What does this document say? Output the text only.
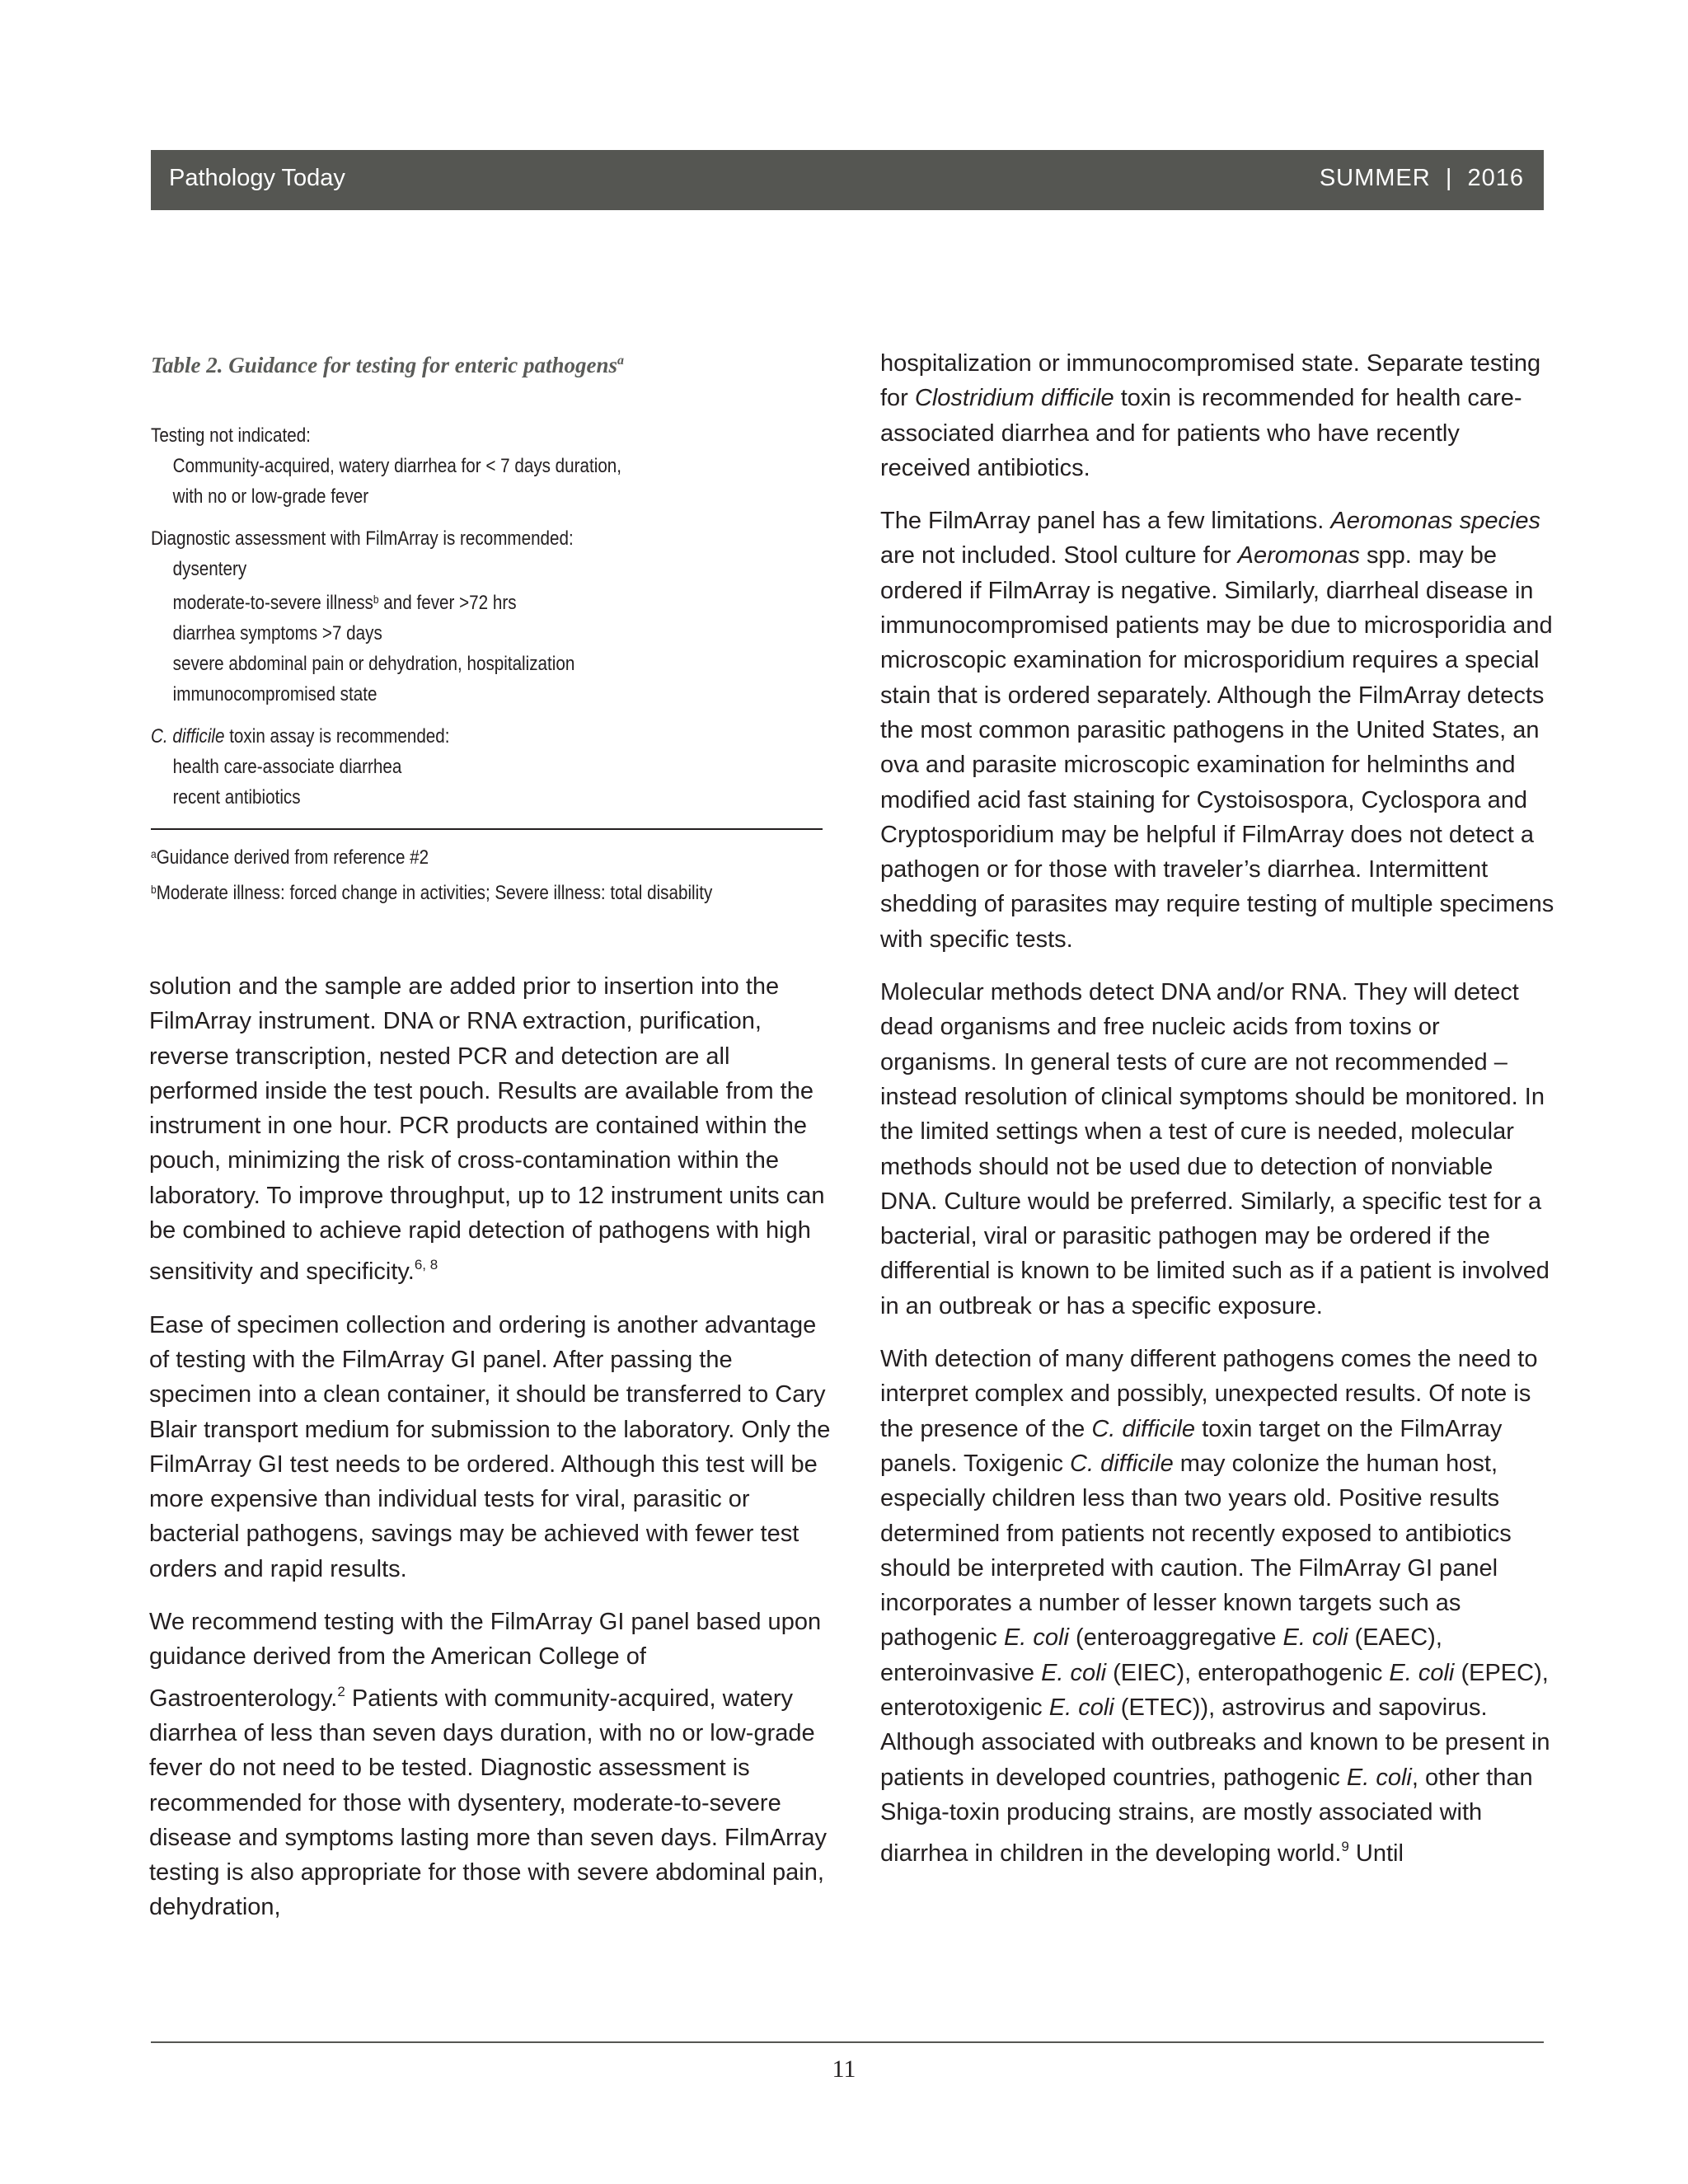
Pathology Today	SUMMER  |  2016
Table 2. Guidance for testing for enteric pathogens$^a$
Testing not indicated:
Community-acquired, watery diarrhea for < 7 days duration,
with no or low-grade fever
Diagnostic assessment with FilmArray is recommended:
dysentery
moderate-to-severe illness$^b$ and fever >72 hrs
diarrhea symptoms >7 days
severe abdominal pain or dehydration, hospitalization
immunocompromised state
C. difficile toxin assay is recommended:
health care-associate diarrhea
recent antibiotics
$^a$Guidance derived from reference #2
$^b$Moderate illness: forced change in activities; Severe illness: total disability

solution and the sample are added prior to insertion into the FilmArray instrument. DNA or RNA extraction, purification, reverse transcription, nested PCR and detection are all performed inside the test pouch. Results are available from the instrument in one hour. PCR products are contained within the pouch, minimizing the risk of cross-contamination within the laboratory. To improve throughput, up to 12 instrument units can be combined to achieve rapid detection of pathogens with high sensitivity and specificity.$^{6, 8}$

Ease of specimen collection and ordering is another advantage of testing with the FilmArray GI panel. After passing the specimen into a clean container, it should be transferred to Cary Blair transport medium for submission to the laboratory. Only the FilmArray GI test needs to be ordered. Although this test will be more expensive than individual tests for viral, parasitic or bacterial pathogens, savings may be achieved with fewer test orders and rapid results.

We recommend testing with the FilmArray GI panel based upon guidance derived from the American College of Gastroenterology.$^2$ Patients with community-acquired, watery diarrhea of less than seven days duration, with no or low-grade fever do not need to be tested. Diagnostic assessment is recommended for those with dysentery, moderate-to-severe disease and symptoms lasting more than seven days. FilmArray testing is also appropriate for those with severe abdominal pain, dehydration,

hospitalization or immunocompromised state. Separate testing for Clostridium difficile toxin is recommended for health care-associated diarrhea and for patients who have recently received antibiotics.

The FilmArray panel has a few limitations. Aeromonas species are not included. Stool culture for Aeromonas spp. may be ordered if FilmArray is negative. Similarly, diarrheal disease in immunocompromised patients may be due to microsporidia and microscopic examination for microsporidium requires a special stain that is ordered separately. Although the FilmArray detects the most common parasitic pathogens in the United States, an ova and parasite microscopic examination for helminths and modified acid fast staining for Cystoisospora, Cyclospora and Cryptosporidium may be helpful if FilmArray does not detect a pathogen or for those with traveler’s diarrhea. Intermittent shedding of parasites may require testing of multiple specimens with specific tests.

Molecular methods detect DNA and/or RNA. They will detect dead organisms and free nucleic acids from toxins or organisms. In general tests of cure are not recommended – instead resolution of clinical symptoms should be monitored. In the limited settings when a test of cure is needed, molecular methods should not be used due to detection of nonviable DNA. Culture would be preferred. Similarly, a specific test for a bacterial, viral or parasitic pathogen may be ordered if the differential is known to be limited such as if a patient is involved in an outbreak or has a specific exposure.

With detection of many different pathogens comes the need to interpret complex and possibly, unexpected results. Of note is the presence of the C. difficile toxin target on the FilmArray panels. Toxigenic C. difficile may colonize the human host, especially children less than two years old. Positive results determined from patients not recently exposed to antibiotics should be interpreted with caution. The FilmArray GI panel incorporates a number of lesser known targets such as pathogenic E. coli (enteroaggregative E. coli (EAEC), enteroinvasive E. coli (EIEC), enteropathogenic E. coli (EPEC), enterotoxigenic E. coli (ETEC)), astrovirus and sapovirus. Although associated with outbreaks and known to be present in patients in developed countries, pathogenic E. coli, other than Shiga-toxin producing strains, are mostly associated with diarrhea in children in the developing world.$^9$ Until

11
